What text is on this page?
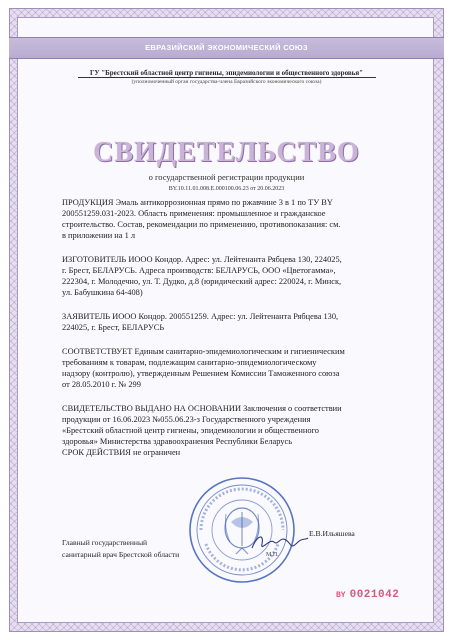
ЕВРАЗИЙСКИЙ ЭКОНОМИЧЕСКИЙ СОЮЗ
ГУ "Брестский областной центр гигиены, эпидемиологии и общественного здоровья"
(уполномоченный орган государства-члена Евразийского экономического союза)
СВИДЕТЕЛЬСТВО
о государственной регистрации продукции
BY.10.11.01.008.Е.000100.06.23 от 20.06.2023
ПРОДУКЦИЯ Эмаль антикоррозионная прямо по ржавчине 3 в 1 по ТУ BY
200551259.031-2023. Область применения: промышленное и гражданское
строительство. Состав, рекомендации по применению, противопоказания: см.
в приложении на 1 л
ИЗГОТОВИТЕЛЬ ИООО Кондор. Адрес: ул. Лейтенанта Рябцева 130, 224025,
г. Брест, БЕЛАРУСЬ. Адреса производств: БЕЛАРУСЬ, ООО «Цветогамма»,
222304, г. Молодечно, ул. Т. Дудко, д.8 (юридический адрес: 220024, г. Минск,
ул. Бабушкина 64-408)
ЗАЯВИТЕЛЬ ИООО Кондор. 200551259. Адрес: ул. Лейтенанта Рябцева 130,
224025, г. Брест, БЕЛАРУСЬ
СООТВЕТСТВУЕТ Единым санитарно-эпидемиологическим и гигиеническим
требованиям к товарам, подлежащим санитарно-эпидемиологическому
надзору (контролю), утвержденным Решением Комиссии Таможенного союза
от 28.05.2010 г. № 299
СВИДЕТЕЛЬСТВО ВЫДАНО НА ОСНОВАНИИ Заключения о соответствии
продукции от 16.06.2023 №055.06.23-з Государственного учреждения
«Брестский областной центр гигиены, эпидемиологии и общественного
здоровья» Министерства здравоохранения Республики Беларусь
СРОК ДЕЙСТВИЯ не ограничен
Главный государственный
санитарный врач Брестской области
Е.В.Ильяшева
М.П.
BY 0021042
